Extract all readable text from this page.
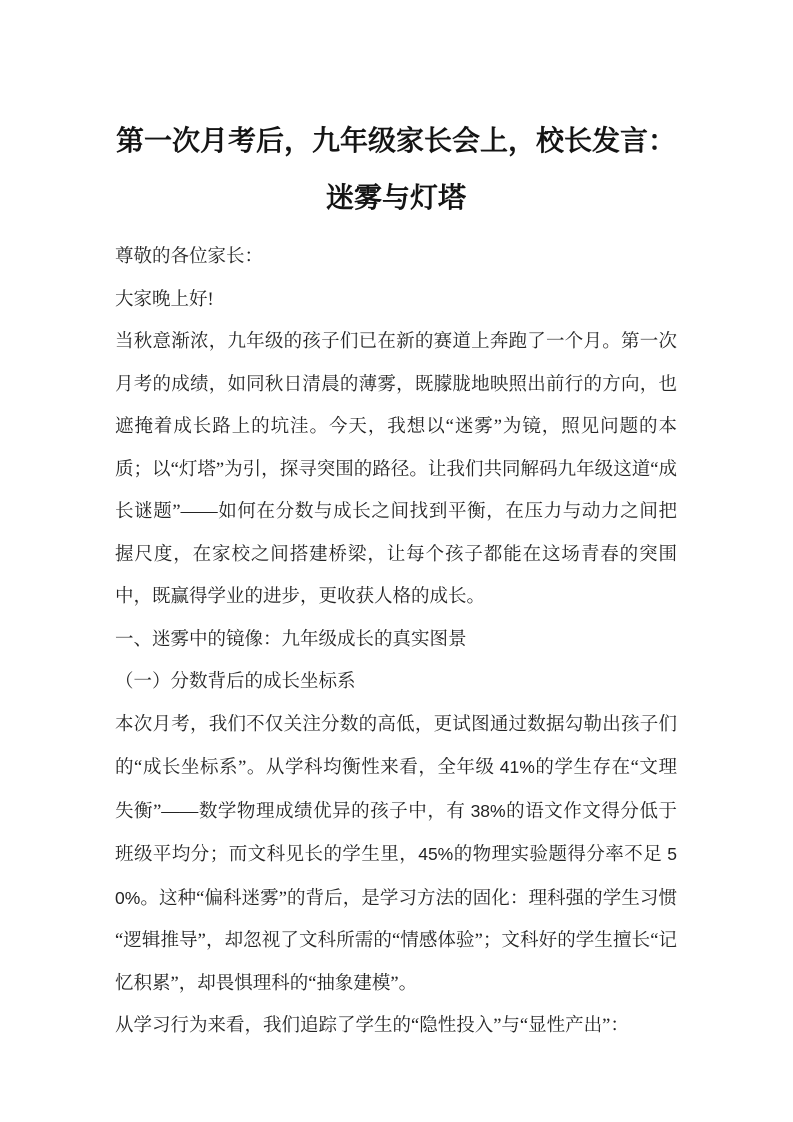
第一次月考后，九年级家长会上，校长发言：迷雾与灯塔

尊敬的各位家长：

大家晚上好!

当秋意渐浓，九年级的孩子们已在新的赛道上奔跑了一个月。第一次月考的成绩，如同秋日清晨的薄雾，既朦胧地映照出前行的方向，也遮掩着成长路上的坑洼。今天，我想以“迷雾”为镜，照见问题的本质；以“灯塔”为引，探寻突围的路径。让我们共同解码九年级这道“成长谜题”——如何在分数与成长之间找到平衡，在压力与动力之间把握尺度，在家校之间搭建桥梁，让每个孩子都能在这场青春的突围中，既赢得学业的进步，更收获人格的成长。

一、迷雾中的镜像：九年级成长的真实图景

（一）分数背后的成长坐标系

本次月考，我们不仅关注分数的高低，更试图通过数据勾勒出孩子们的“成长坐标系”。从学科均衡性来看，全年级 41%的学生存在“文理失衡”——数学物理成绩优异的孩子中，有 38%的语文作文得分低于班级平均分；而文科见长的学生里，45%的物理实验题得分率不足 50%。这种“偏科迷雾”的背后，是学习方法的固化：理科强的学生习惯“逻辑推导”，却忽视了文科所需的“情感体验”；文科好的学生擅长“记忆积累”，却畏惧理科的“抽象建模”。

从学习行为来看，我们追踪了学生的“隐性投入”与“显性产出”：
